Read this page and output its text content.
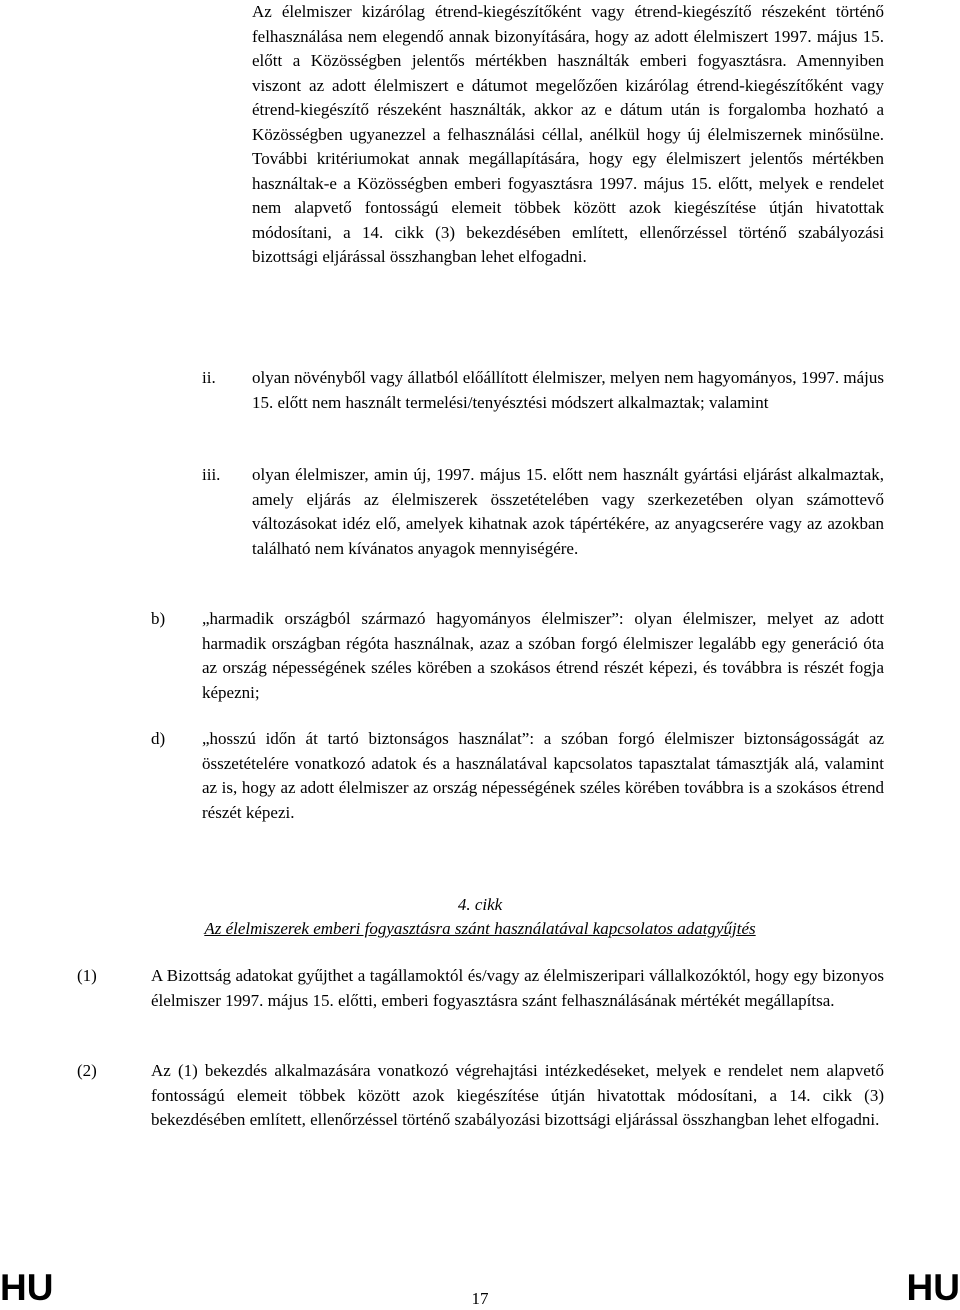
Az élelmiszer kizárólag étrend-kiegészítőként vagy étrend-kiegészítő részeként történő felhasználása nem elegendő annak bizonyítására, hogy az adott élelmiszert 1997. május 15. előtt a Közösségben jelentős mértékben használták emberi fogyasztásra. Amennyiben viszont az adott élelmiszert e dátumot megelőzően kizárólag étrend-kiegészítőként vagy étrend-kiegészítő részeként használták, akkor az e dátum után is forgalomba hozható a Közösségben ugyanezzel a felhasználási céllal, anélkül hogy új élelmiszernek minősülne. További kritériumokat annak megállapítására, hogy egy élelmiszert jelentős mértékben használtak-e a Közösségben emberi fogyasztásra 1997. május 15. előtt, melyek e rendelet nem alapvető fontosságú elemeit többek között azok kiegészítése útján hivatottak módosítani, a 14. cikk (3) bekezdésében említett, ellenőrzéssel történő szabályozási bizottsági eljárással összhangban lehet elfogadni.

ii. olyan növényből vagy állatból előállított élelmiszer, melyen nem hagyományos, 1997. május 15. előtt nem használt termelési/tenyésztési módszert alkalmaztak; valamint

iii. olyan élelmiszer, amin új, 1997. május 15. előtt nem használt gyártási eljárást alkalmaztak, amely eljárás az élelmiszerek összetételében vagy szerkezetében olyan számottevő változásokat idéz elő, amelyek kihatnak azok tápértékére, az anyagcserére vagy az azokban található nem kívánatos anyagok mennyiségére.

b) „harmadik országból származó hagyományos élelmiszer”: olyan élelmiszer, melyet az adott harmadik országban régóta használnak, azaz a szóban forgó élelmiszer legalább egy generáció óta az ország népességének széles körében a szokásos étrend részét képezi, és továbbra is részét fogja képezni;

d) „hosszú időn át tartó biztonságos használat”: a szóban forgó élelmiszer biztonságosságát az összetételére vonatkozó adatok és a használatával kapcsolatos tapasztalat támasztják alá, valamint az is, hogy az adott élelmiszer az ország népességének széles körében továbbra is a szokásos étrend részét képezi.

4. cikk

Az élelmiszerek emberi fogyasztásra szánt használatával kapcsolatos adatgyűjtés

(1)	A Bizottság adatokat gyűjthet a tagállamoktól és/vagy az élelmiszeripari vállalkozóktól, hogy egy bizonyos élelmiszer 1997. május 15. előtti, emberi fogyasztásra szánt felhasználásának mértékét megállapítsa.

(2)	Az (1) bekezdés alkalmazására vonatkozó végrehajtási intézkedéseket, melyek e rendelet nem alapvető fontosságú elemeit többek között azok kiegészítése útján hivatottak módosítani, a 14. cikk (3) bekezdésében említett, ellenőrzéssel történő szabályozási bizottsági eljárással összhangban lehet elfogadni.

HU	17	HU
